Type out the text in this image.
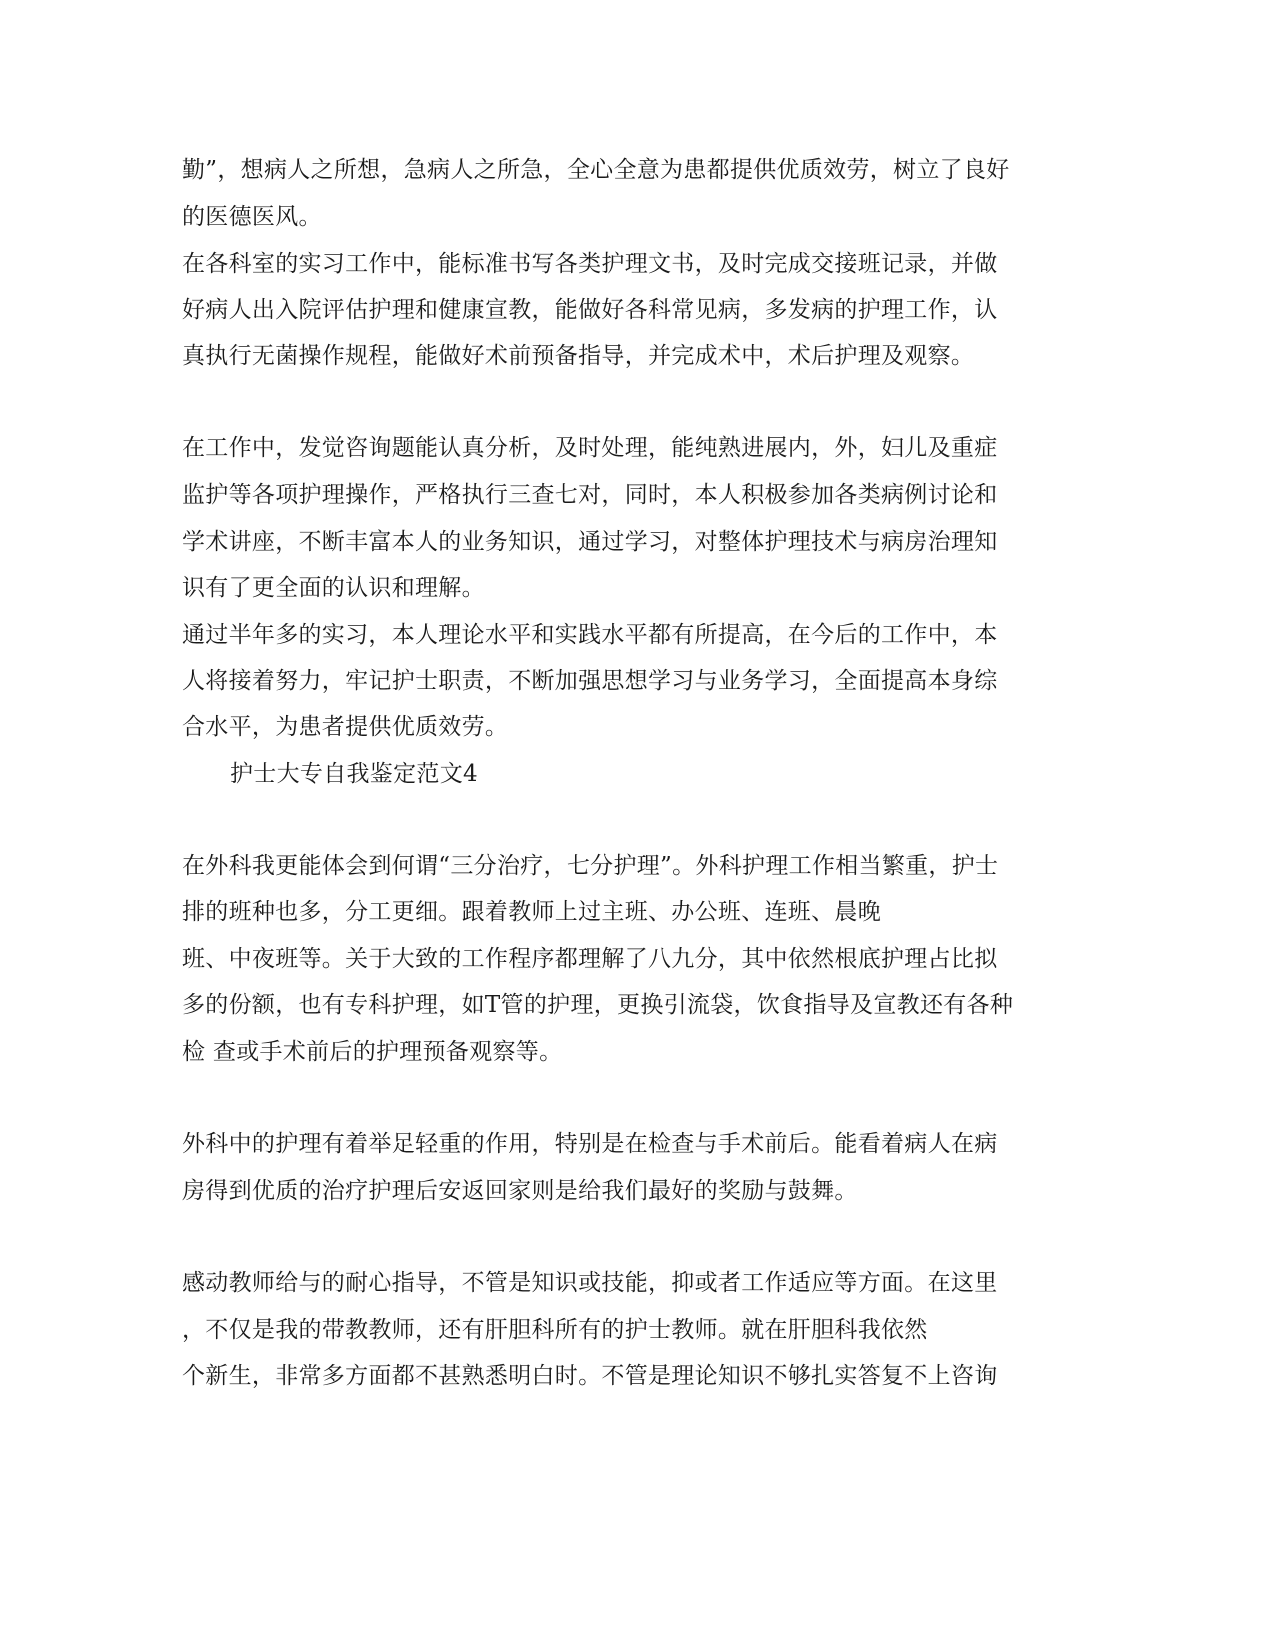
勤”，想病人之所想，急病人之所急，全心全意为患都提供优质效劳，树立了良好
的医德医风。
在各科室的实习工作中，能标准书写各类护理文书，及时完成交接班记录，并做
好病人出入院评估护理和健康宣教，能做好各科常见病，多发病的护理工作，认
真执行无菌操作规程，能做好术前预备指导，并完成术中，术后护理及观察。
在工作中，发觉咨询题能认真分析，及时处理，能纯熟进展内，外，妇儿及重症
监护等各项护理操作，严格执行三查七对，同时，本人积极参加各类病例讨论和
学术讲座，不断丰富本人的业务知识，通过学习，对整体护理技术与病房治理知
识有了更全面的认识和理解。
通过半年多的实习，本人理论水平和实践水平都有所提高，在今后的工作中，本
人将接着努力，牢记护士职责，不断加强思想学习与业务学习，全面提高本身综
合水平，为患者提供优质效劳。
护士大专自我鉴定范文4
在外科我更能体会到何谓“三分治疗，七分护理”。外科护理工作相当繁重，护士
排的班种也多，分工更细。跟着教师上过主班、办公班、连班、晨晚
班、中夜班等。关于大致的工作程序都理解了八九分，其中依然根底护理占比拟
多的份额，也有专科护理，如T管的护理，更换引流袋，饮食指导及宣教还有各种
检 查或手术前后的护理预备观察等。
外科中的护理有着举足轻重的作用，特别是在检查与手术前后。能看着病人在病
房得到优质的治疗护理后安返回家则是给我们最好的奖励与鼓舞。
感动教师给与的耐心指导，不管是知识或技能，抑或者工作适应等方面。在这里
，不仅是我的带教教师，还有肝胆科所有的护士教师。就在肝胆科我依然
个新生，非常多方面都不甚熟悉明白时。不管是理论知识不够扎实答复不上咨询
